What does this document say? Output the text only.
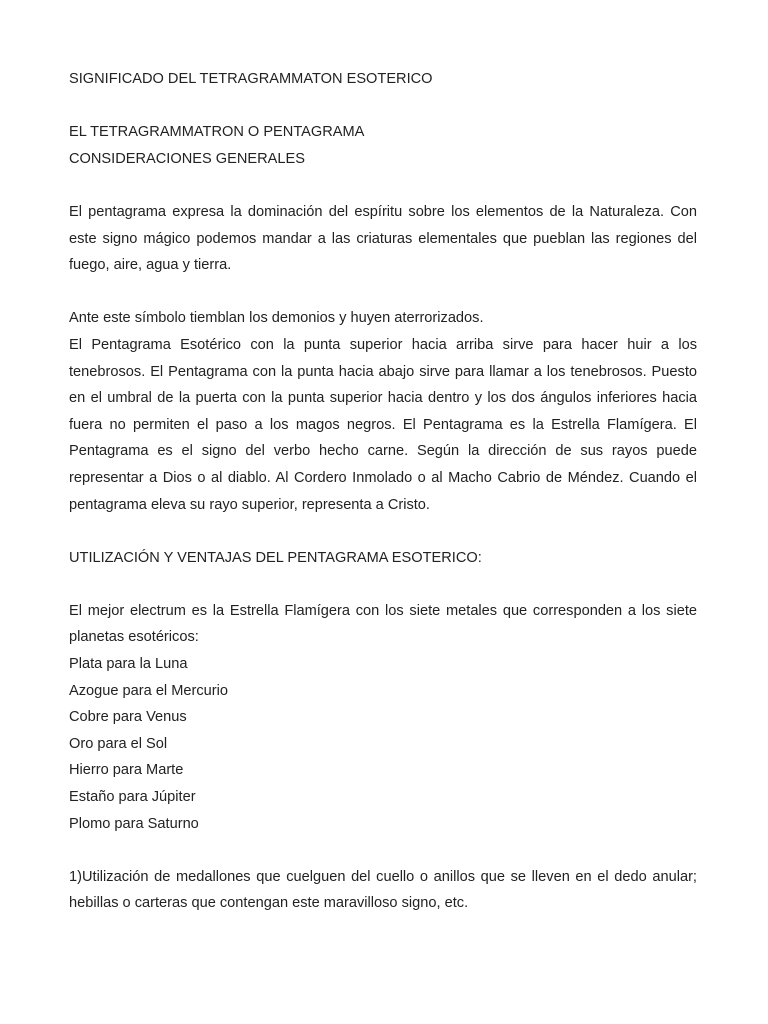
SIGNIFICADO DEL TETRAGRAMMATON ESOTERICO
EL TETRAGRAMMATRON O PENTAGRAMA
CONSIDERACIONES GENERALES

El pentagrama expresa la dominación del espíritu sobre los elementos de la Naturaleza. Con este signo mágico podemos mandar a las criaturas elementales que pueblan las regiones del fuego, aire, agua y tierra.

Ante este símbolo tiemblan los demonios y huyen aterrorizados.

El Pentagrama Esotérico con la punta superior hacia arriba sirve para hacer huir a los tenebrosos. El Pentagrama con la punta hacia abajo sirve para llamar a los tenebrosos. Puesto en el umbral de la puerta con la punta superior hacia dentro y los dos ángulos inferiores hacia fuera no permiten el paso a los magos negros. El Pentagrama es la Estrella Flamígera. El Pentagrama es el signo del verbo hecho carne. Según la dirección de sus rayos puede representar a Dios o al diablo. Al Cordero Inmolado o al Macho Cabrio de Méndez. Cuando el pentagrama eleva su rayo superior, representa a Cristo.

UTILIZACIÓN Y VENTAJAS DEL PENTAGRAMA ESOTERICO:

El mejor electrum es la Estrella Flamígera con los siete metales que corresponden a los siete planetas esotéricos:

Plata para la Luna
Azogue para el Mercurio
Cobre para Venus
Oro para el Sol
Hierro para Marte
Estaño para Júpiter
Plomo para Saturno

1)Utilización de medallones que cuelguen del cuello o anillos que se lleven en el dedo anular; hebillas o carteras que contengan este maravilloso signo, etc.
